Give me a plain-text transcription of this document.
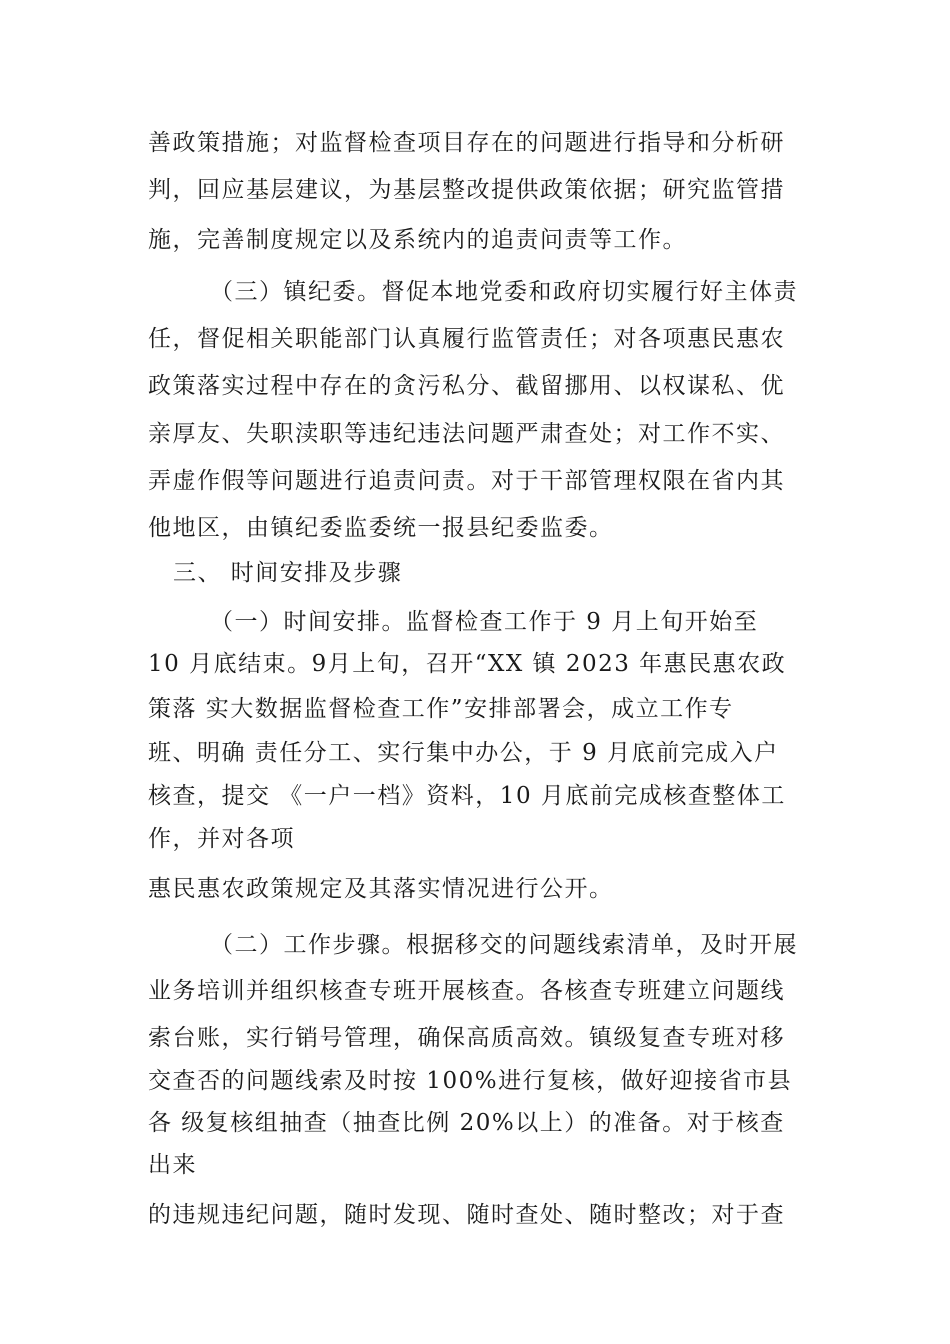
善政策措施；对监督检查项目存在的问题进行指导和分析研
判，回应基层建议，为基层整改提供政策依据；研究监管措
施，完善制度规定以及系统内的追责问责等工作。
（三）镇纪委。督促本地党委和政府切实履行好主体责
任，督促相关职能部门认真履行监管责任；对各项惠民惠农
政策落实过程中存在的贪污私分、截留挪用、以权谋私、优
亲厚友、失职渎职等违纪违法问题严肃查处；对工作不实、
弄虚作假等问题进行追责问责。对于干部管理权限在省内其
他地区，由镇纪委监委统一报县纪委监委。
三、 时间安排及步骤
（一）时间安排。监督检查工作于 9 月上旬开始至
10 月底结束。9月上旬，召开“XX 镇 2023 年惠民惠农政
策落 实大数据监督检查工作”安排部署会，成立工作专
班、明确 责任分工、实行集中办公，于 9 月底前完成入户
核查，提交 《一户一档》资料，10 月底前完成核查整体工
作，并对各项
惠民惠农政策规定及其落实情况进行公开。
（二）工作步骤。根据移交的问题线索清单，及时开展
业务培训并组织核查专班开展核查。各核查专班建立问题线
索台账，实行销号管理，确保高质高效。镇级复查专班对移
交查否的问题线索及时按 100%进行复核，做好迎接省市县
各 级复核组抽查（抽查比例 20%以上）的准备。对于核查
出来
的违规违纪问题，随时发现、随时查处、随时整改；对于查
